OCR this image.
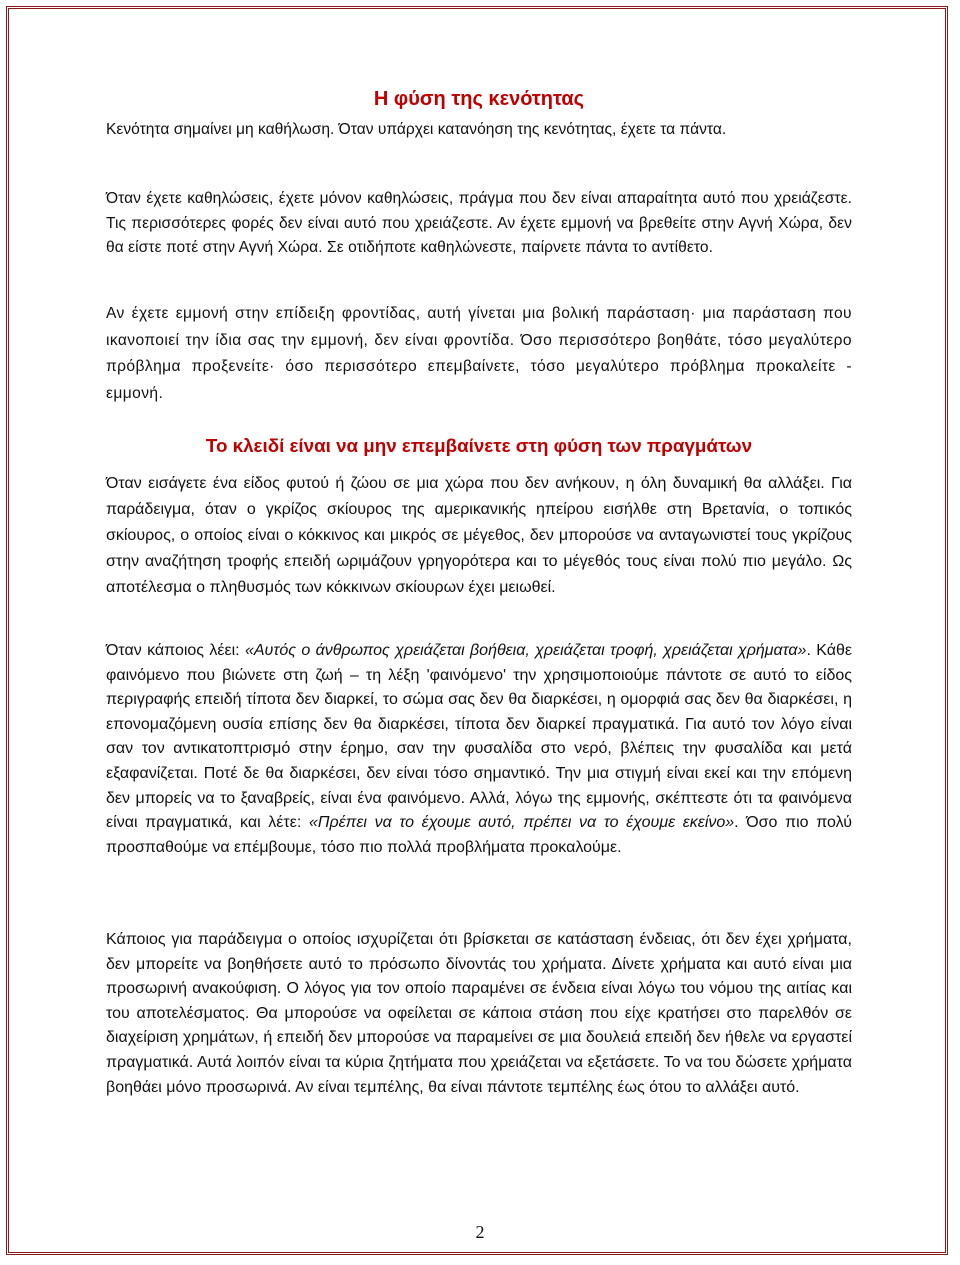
Η φύση της κενότητας

Κενότητα σημαίνει μη καθήλωση. Όταν υπάρχει κατανόηση της κενότητας, έχετε τα πάντα.

Όταν έχετε καθηλώσεις, έχετε μόνον καθηλώσεις, πράγμα που δεν είναι απαραίτητα αυτό που χρειάζεστε. Τις περισσότερες φορές δεν είναι αυτό που χρειάζεστε. Αν έχετε εμμονή να βρεθείτε στην Αγνή Χώρα, δεν θα είστε ποτέ στην Αγνή Χώρα. Σε οτιδήποτε καθηλώνεστε, παίρνετε πάντα το αντίθετο.

Αν έχετε εμμονή στην επίδειξη φροντίδας, αυτή γίνεται μια βολική παράσταση· μια παράσταση που ικανοποιεί την ίδια σας την εμμονή, δεν είναι φροντίδα. Όσο περισσότερο βοηθάτε, τόσο μεγαλύτερο πρόβλημα προξενείτε· όσο περισσότερο επεμβαίνετε, τόσο μεγαλύτερο πρόβλημα προκαλείτε - εμμονή.

Το κλειδί είναι να μην επεμβαίνετε στη φύση των πραγμάτων

Όταν εισάγετε ένα είδος φυτού ή ζώου σε μια χώρα που δεν ανήκουν, η όλη δυναμική θα αλλάξει. Για παράδειγμα, όταν ο γκρίζος σκίουρος της αμερικανικής ηπείρου εισήλθε στη Βρετανία, ο τοπικός σκίουρος, ο οποίος είναι ο κόκκινος και μικρός σε μέγεθος, δεν μπορούσε να ανταγωνιστεί τους γκρίζους στην αναζήτηση τροφής επειδή ωριμάζουν γρηγορότερα και το μέγεθός τους είναι πολύ πιο μεγάλο. Ως αποτέλεσμα ο πληθυσμός των κόκκινων σκίουρων έχει μειωθεί.

Όταν κάποιος λέει: «Αυτός ο άνθρωπος χρειάζεται βοήθεια, χρειάζεται τροφή, χρειάζεται χρήματα». Κάθε φαινόμενο που βιώνετε στη ζωή – τη λέξη 'φαινόμενο' την χρησιμοποιούμε πάντοτε σε αυτό το είδος περιγραφής επειδή τίποτα δεν διαρκεί, το σώμα σας δεν θα διαρκέσει, η ομορφιά σας δεν θα διαρκέσει, η επονομαζόμενη ουσία επίσης δεν θα διαρκέσει, τίποτα δεν διαρκεί πραγματικά. Για αυτό τον λόγο είναι σαν τον αντικατοπτρισμό στην έρημο, σαν την φυσαλίδα στο νερό, βλέπεις την φυσαλίδα και μετά εξαφανίζεται. Ποτέ δε θα διαρκέσει, δεν είναι τόσο σημαντικό. Την μια στιγμή είναι εκεί και την επόμενη δεν μπορείς να το ξαναβρείς, είναι ένα φαινόμενο. Αλλά, λόγω της εμμονής, σκέπτεστε ότι τα φαινόμενα είναι πραγματικά, και λέτε: «Πρέπει να το έχουμε αυτό, πρέπει να το έχουμε εκείνο». Όσο πιο πολύ προσπαθούμε να επέμβουμε, τόσο πιο πολλά προβλήματα προκαλούμε.

Κάποιος για παράδειγμα ο οποίος ισχυρίζεται ότι βρίσκεται σε κατάσταση ένδειας, ότι δεν έχει χρήματα, δεν μπορείτε να βοηθήσετε αυτό το πρόσωπο δίνοντάς του χρήματα. Δίνετε χρήματα και αυτό είναι μια προσωρινή ανακούφιση. Ο λόγος για τον οποίο παραμένει σε ένδεια είναι λόγω του νόμου της αιτίας και του αποτελέσματος. Θα μπορούσε να οφείλεται σε κάποια στάση που είχε κρατήσει στο παρελθόν σε διαχείριση χρημάτων, ή επειδή δεν μπορούσε να παραμείνει σε μια δουλειά επειδή δεν ήθελε να εργαστεί πραγματικά. Αυτά λοιπόν είναι τα κύρια ζητήματα που χρειάζεται να εξετάσετε. Το να του δώσετε χρήματα βοηθάει μόνο προσωρινά. Αν είναι τεμπέλης, θα είναι πάντοτε τεμπέλης έως ότου το αλλάξει αυτό.

2
